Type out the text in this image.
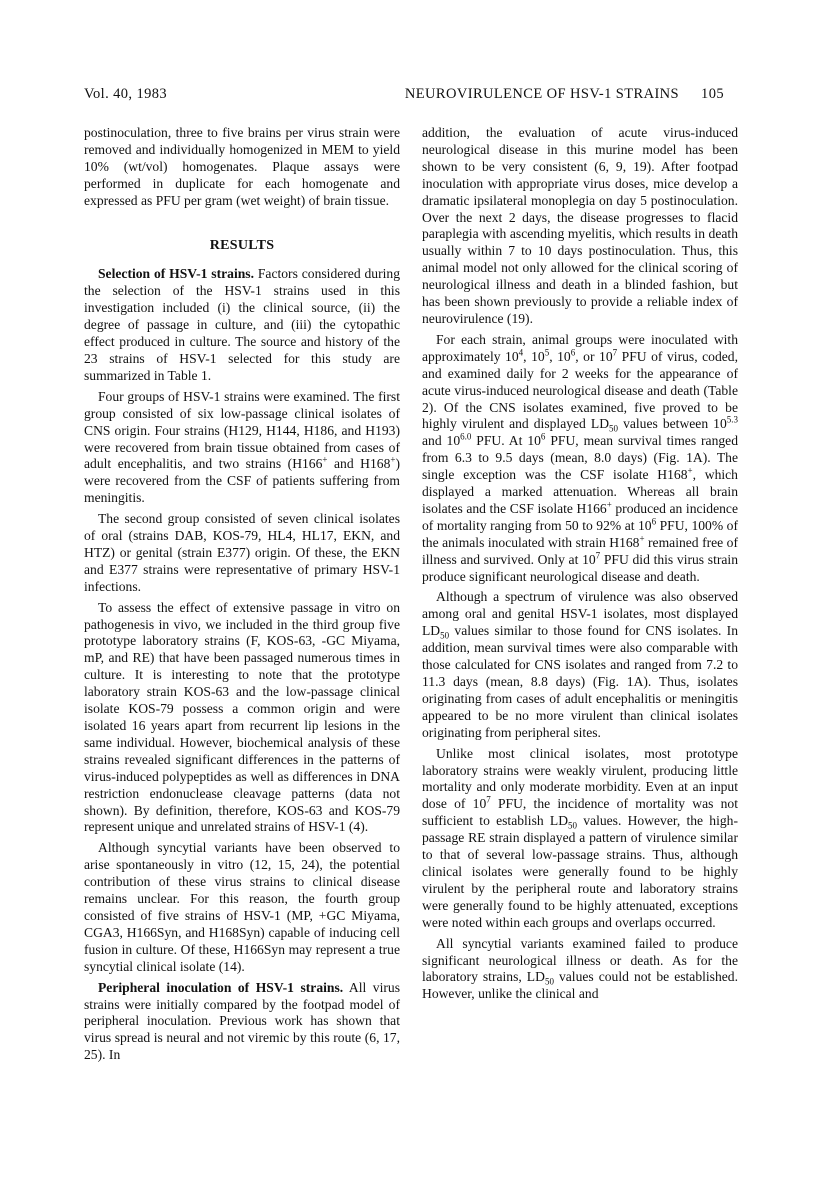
Vol. 40, 1983	NEUROVIRULENCE OF HSV-1 STRAINS 105

postinoculation, three to five brains per virus strain were removed and individually homogenized in MEM to yield 10% (wt/vol) homogenates. Plaque assays were performed in duplicate for each homogenate and expressed as PFU per gram (wet weight) of brain tissue.

RESULTS

Selection of HSV-1 strains. Factors considered during the selection of the HSV-1 strains used in this investigation included (i) the clinical source, (ii) the degree of passage in culture, and (iii) the cytopathic effect produced in culture. The source and history of the 23 strains of HSV-1 selected for this study are summarized in Table 1.

Four groups of HSV-1 strains were examined. The first group consisted of six low-passage clinical isolates of CNS origin. Four strains (H129, H144, H186, and H193) were recovered from brain tissue obtained from cases of adult encephalitis, and two strains (H166+ and H168+) were recovered from the CSF of patients suffering from meningitis.

The second group consisted of seven clinical isolates of oral (strains DAB, KOS-79, HL4, HL17, EKN, and HTZ) or genital (strain E377) origin. Of these, the EKN and E377 strains were representative of primary HSV-1 infections.

To assess the effect of extensive passage in vitro on pathogenesis in vivo, we included in the third group five prototype laboratory strains (F, KOS-63, -GC Miyama, mP, and RE) that have been passaged numerous times in culture. It is interesting to note that the prototype laboratory strain KOS-63 and the low-passage clinical isolate KOS-79 possess a common origin and were isolated 16 years apart from recurrent lip lesions in the same individual. However, biochemical analysis of these strains revealed significant differences in the patterns of virus-induced polypeptides as well as differences in DNA restriction endonuclease cleavage patterns (data not shown). By definition, therefore, KOS-63 and KOS-79 represent unique and unrelated strains of HSV-1 (4).

Although syncytial variants have been observed to arise spontaneously in vitro (12, 15, 24), the potential contribution of these virus strains to clinical disease remains unclear. For this reason, the fourth group consisted of five strains of HSV-1 (MP, +GC Miyama, CGA3, H166Syn, and H168Syn) capable of inducing cell fusion in culture. Of these, H166Syn may represent a true syncytial clinical isolate (14).

Peripheral inoculation of HSV-1 strains. All virus strains were initially compared by the footpad model of peripheral inoculation. Previous work has shown that virus spread is neural and not viremic by this route (6, 17, 25). In

addition, the evaluation of acute virus-induced neurological disease in this murine model has been shown to be very consistent (6, 9, 19). After footpad inoculation with appropriate virus doses, mice develop a dramatic ipsilateral monoplegia on day 5 postinoculation. Over the next 2 days, the disease progresses to flacid paraplegia with ascending myelitis, which results in death usually within 7 to 10 days postinoculation. Thus, this animal model not only allowed for the clinical scoring of neurological illness and death in a blinded fashion, but has been shown previously to provide a reliable index of neurovirulence (19).

For each strain, animal groups were inoculated with approximately $10^4$, $10^5$, $10^6$, or $10^7$ PFU of virus, coded, and examined daily for 2 weeks for the appearance of acute virus-induced neurological disease and death (Table 2). Of the CNS isolates examined, five proved to be highly virulent and displayed $LD_{50}$ values between $10^{5.3}$ and $10^{6.0}$ PFU. At $10^6$ PFU, mean survival times ranged from 6.3 to 9.5 days (mean, 8.0 days) (Fig. 1A). The single exception was the CSF isolate H168+, which displayed a marked attenuation. Whereas all brain isolates and the CSF isolate H166+ produced an incidence of mortality ranging from 50 to 92% at $10^6$ PFU, 100% of the animals inoculated with strain H168+ remained free of illness and survived. Only at $10^7$ PFU did this virus strain produce significant neurological disease and death.

Although a spectrum of virulence was also observed among oral and genital HSV-1 isolates, most displayed $LD_{50}$ values similar to those found for CNS isolates. In addition, mean survival times were also comparable with those calculated for CNS isolates and ranged from 7.2 to 11.3 days (mean, 8.8 days) (Fig. 1A). Thus, isolates originating from cases of adult encephalitis or meningitis appeared to be no more virulent than clinical isolates originating from peripheral sites.

Unlike most clinical isolates, most prototype laboratory strains were weakly virulent, producing little mortality and only moderate morbidity. Even at an input dose of $10^7$ PFU, the incidence of mortality was not sufficient to establish $LD_{50}$ values. However, the high-passage RE strain displayed a pattern of virulence similar to that of several low-passage strains. Thus, although clinical isolates were generally found to be highly virulent by the peripheral route and laboratory strains were generally found to be highly attenuated, exceptions were noted within each groups and overlaps occurred.

All syncytial variants examined failed to produce significant neurological illness or death. As for the laboratory strains, $LD_{50}$ values could not be established. However, unlike the clinical and
